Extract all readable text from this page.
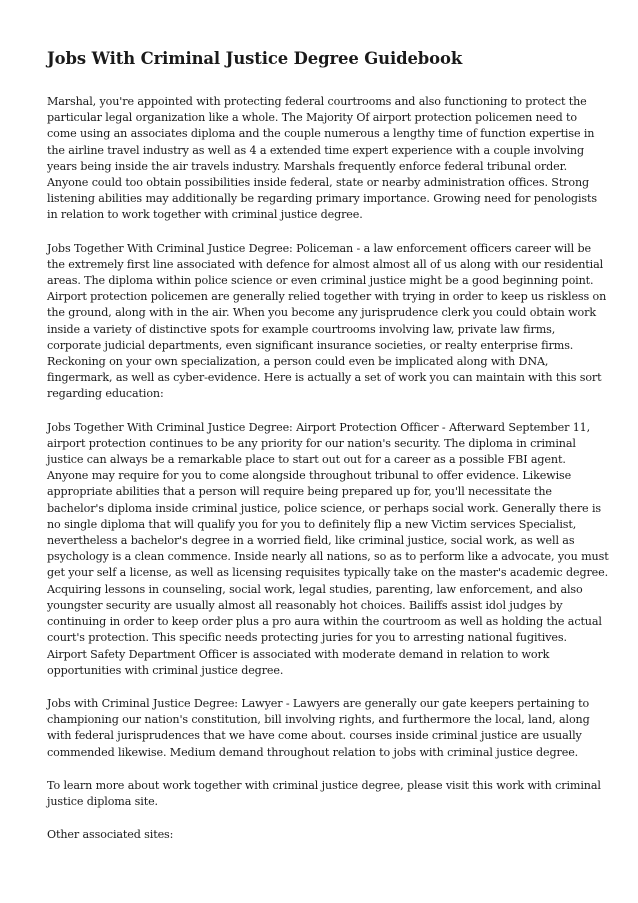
Jobs With Criminal Justice Degree Guidebook
Marshal, you're appointed with protecting federal courtrooms and also functioning to protect the
particular legal organization like a whole. The Majority Of airport protection policemen need to
come using an associates diploma and the couple numerous a lengthy time of function expertise in
the airline travel industry as well as 4 a extended time expert experience with a couple involving
years being inside the air travels industry. Marshals frequently enforce federal tribunal order.
Anyone could too obtain possibilities inside federal, state or nearby administration offices. Strong
listening abilities may additionally be regarding primary importance. Growing need for penologists
in relation to work together with criminal justice degree.
Jobs Together With Criminal Justice Degree: Policeman - a law enforcement officers career will be
the extremely first line associated with defence for almost almost all of us along with our residential
areas. The diploma within police science or even criminal justice might be a good beginning point.
Airport protection policemen are generally relied together with trying in order to keep us riskless on
the ground, along with in the air. When you become any jurisprudence clerk you could obtain work
inside a variety of distinctive spots for example courtrooms involving law, private law firms,
corporate judicial departments, even significant insurance societies, or realty enterprise firms.
Reckoning on your own specialization, a person could even be implicated along with DNA,
fingermark, as well as cyber-evidence. Here is actually a set of work you can maintain with this sort
regarding education:
Jobs Together With Criminal Justice Degree: Airport Protection Officer - Afterward September 11,
airport protection continues to be any priority for our nation's security. The diploma in criminal
justice can always be a remarkable place to start out out for a career as a possible FBI agent.
Anyone may require for you to come alongside throughout tribunal to offer evidence. Likewise
appropriate abilities that a person will require being prepared up for, you'll necessitate the
bachelor's diploma inside criminal justice, police science, or perhaps social work. Generally there is
no single diploma that will qualify you for you to definitely flip a new Victim services Specialist,
nevertheless a bachelor's degree in a worried field, like criminal justice, social work, as well as
psychology is a clean commence. Inside nearly all nations, so as to perform like a advocate, you must
get your self a license, as well as licensing requisites typically take on the master's academic degree.
Acquiring lessons in counseling, social work, legal studies, parenting, law enforcement, and also
youngster security are usually almost all reasonably hot choices. Bailiffs assist idol judges by
continuing in order to keep order plus a pro aura within the courtroom as well as holding the actual
court's protection. This specific needs protecting juries for you to arresting national fugitives.
Airport Safety Department Officer is associated with moderate demand in relation to work
opportunities with criminal justice degree.
Jobs with Criminal Justice Degree: Lawyer - Lawyers are generally our gate keepers pertaining to
championing our nation's constitution, bill involving rights, and furthermore the local, land, along
with federal jurisprudences that we have come about. courses inside criminal justice are usually
commended likewise. Medium demand throughout relation to jobs with criminal justice degree.
To learn more about work together with criminal justice degree, please visit this work with criminal
justice diploma site.
Other associated sites:
